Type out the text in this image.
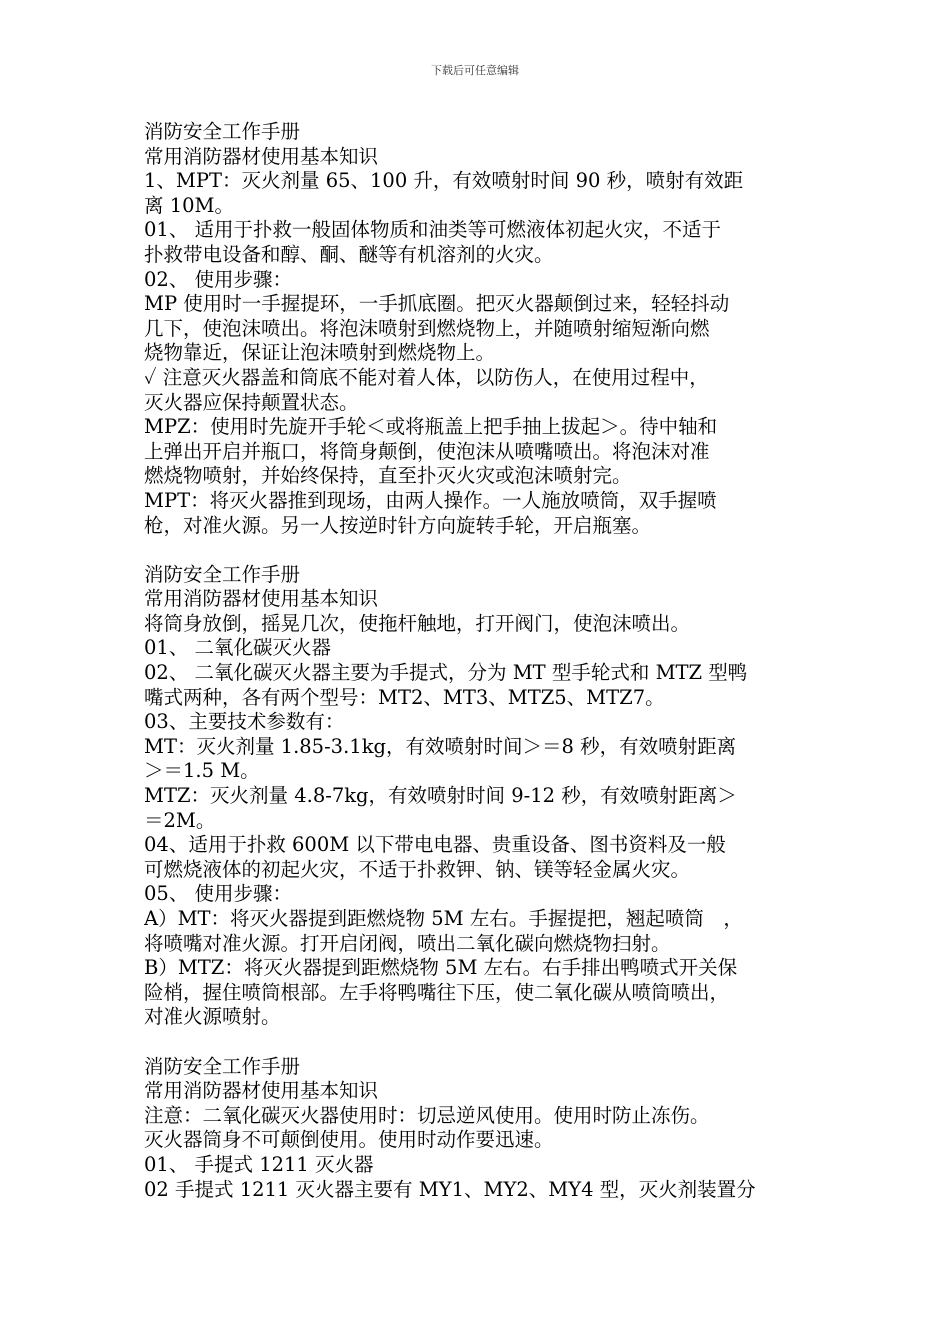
下载后可任意编辑
消防安全工作手册
常用消防器材使用基本知识
1、MPT：灭火剂量 65、100 升，有效喷射时间 90 秒，喷射有效距
离 10M。
01、 适用于扑救一般固体物质和油类等可燃液体初起火灾，不适于
扑救带电设备和醇、酮、醚等有机溶剂的火灾。
02、 使用步骤：
MP 使用时一手握提环，一手抓底圈。把灭火器颠倒过来，轻轻抖动
几下，使泡沫喷出。将泡沫喷射到燃烧物上，并随喷射缩短渐向燃
烧物靠近，保证让泡沫喷射到燃烧物上。
✓ 注意灭火器盖和筒底不能对着人体，以防伤人，在使用过程中，
灭火器应保持颠置状态。
MPZ：使用时先旋开手轮＜或将瓶盖上把手抽上拔起＞。待中轴和
上弹出开启并瓶口，将筒身颠倒，使泡沫从喷嘴喷出。将泡沫对准
燃烧物喷射，并始终保持，直至扑灭火灾或泡沫喷射完。
MPT：将灭火器推到现场，由两人操作。一人施放喷筒，双手握喷
枪，对准火源。另一人按逆时针方向旋转手轮，开启瓶塞。
消防安全工作手册
常用消防器材使用基本知识
将筒身放倒，摇晃几次，使拖杆触地，打开阀门，使泡沫喷出。
01、 二氧化碳灭火器
02、 二氧化碳灭火器主要为手提式，分为 MT 型手轮式和 MTZ 型鸭
嘴式两种，各有两个型号：MT2、MT3、MTZ5、MTZ7。
03、主要技术参数有：
MT：灭火剂量 1.85-3.1kg，有效喷射时间＞＝8 秒，有效喷射距离
＞＝1.5 M。
MTZ：灭火剂量 4.8-7kg，有效喷射时间 9-12 秒，有效喷射距离＞
＝2M。
04、适用于扑救 600M 以下带电电器、贵重设备、图书资料及一般
可燃烧液体的初起火灾，不适于扑救钾、钠、镁等轻金属火灾。
05、 使用步骤：
A）MT：将灭火器提到距燃烧物 5M 左右。手握提把，翘起喷筒　，
将喷嘴对准火源。打开启闭阀，喷出二氧化碳向燃烧物扫射。
B）MTZ：将灭火器提到距燃烧物 5M 左右。右手排出鸭喷式开关保
险梢，握住喷筒根部。左手将鸭嘴往下压，使二氧化碳从喷筒喷出，
对准火源喷射。
消防安全工作手册
常用消防器材使用基本知识
注意：二氧化碳灭火器使用时：切忌逆风使用。使用时防止冻伤。
灭火器筒身不可颠倒使用。使用时动作要迅速。
01、 手提式 1211 灭火器
02 手提式 1211 灭火器主要有 MY1、MY2、MY4 型，灭火剂装置分
